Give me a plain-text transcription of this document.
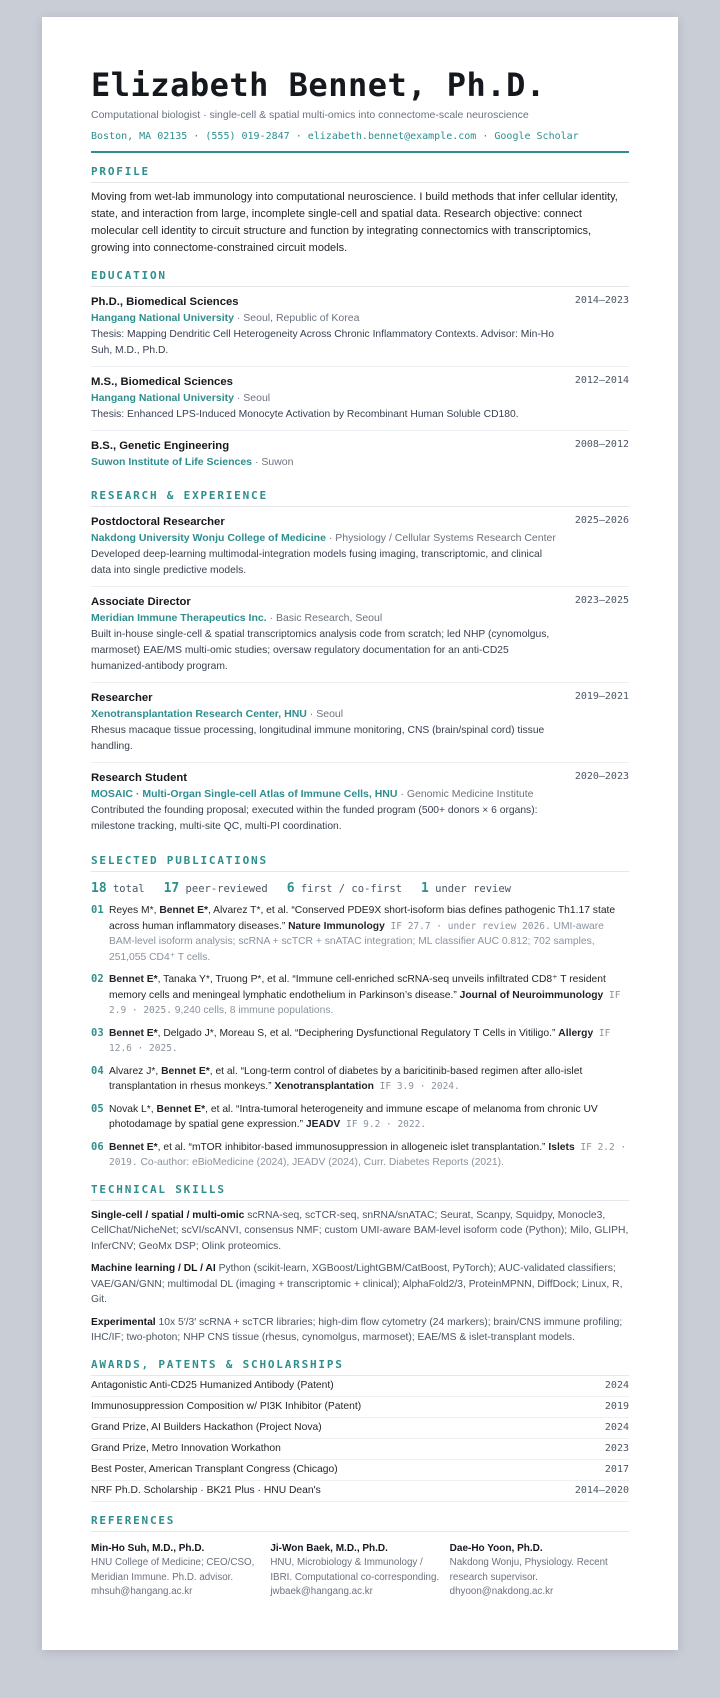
Elizabeth Bennet, Ph.D.
Computational biologist · single-cell & spatial multi-omics into connectome-scale neuroscience
Boston, MA 02135 · (555) 019-2847 · elizabeth.bennet@example.com · Google Scholar
PROFILE
Moving from wet-lab immunology into computational neuroscience. I build methods that infer cellular identity, state, and interaction from large, incomplete single-cell and spatial data. Research objective: connect molecular cell identity to circuit structure and function by integrating connectomics with transcriptomics, growing into connectome-constrained circuit models.
EDUCATION
Ph.D., Biomedical Sciences	2014–2023
Hangang National University · Seoul, Republic of Korea
Thesis: Mapping Dendritic Cell Heterogeneity Across Chronic Inflammatory Contexts. Advisor: Min-Ho Suh, M.D., Ph.D.
M.S., Biomedical Sciences	2012–2014
Hangang National University · Seoul
Thesis: Enhanced LPS-Induced Monocyte Activation by Recombinant Human Soluble CD180.
B.S., Genetic Engineering	2008–2012
Suwon Institute of Life Sciences · Suwon
RESEARCH & EXPERIENCE
Postdoctoral Researcher	2025–2026
Nakdong University Wonju College of Medicine · Physiology / Cellular Systems Research Center
Developed deep-learning multimodal-integration models fusing imaging, transcriptomic, and clinical data into single predictive models.
Associate Director	2023–2025
Meridian Immune Therapeutics Inc. · Basic Research, Seoul
Built in-house single-cell & spatial transcriptomics analysis code from scratch; led NHP (cynomolgus, marmoset) EAE/MS multi-omic studies; oversaw regulatory documentation for an anti-CD25 humanized-antibody program.
Researcher	2019–2021
Xenotransplantation Research Center, HNU · Seoul
Rhesus macaque tissue processing, longitudinal immune monitoring, CNS (brain/spinal cord) tissue handling.
Research Student	2020–2023
MOSAIC · Multi-Organ Single-cell Atlas of Immune Cells, HNU · Genomic Medicine Institute
Contributed the founding proposal; executed within the funded program (500+ donors × 6 organs): milestone tracking, multi-site QC, multi-PI coordination.
SELECTED PUBLICATIONS
18 total 17 peer-reviewed 6 first / co-first 1 under review
01 Reyes M*, Bennet E*, Alvarez T*, et al. “Conserved PDE9X short-isoform bias defines pathogenic Th1.17 state across human inflammatory diseases.” Nature Immunology IF 27.7 · under review 2026. UMI-aware BAM-level isoform analysis; scRNA + scTCR + snATAC integration; ML classifier AUC 0.812; 702 samples, 251,055 CD4⁺ T cells.
02 Bennet E*, Tanaka Y*, Truong P*, et al. “Immune cell-enriched scRNA-seq unveils infiltrated CD8⁺ T resident memory cells and meningeal lymphatic endothelium in Parkinson’s disease.” Journal of Neuroimmunology IF 2.9 · 2025. 9,240 cells, 8 immune populations.
03 Bennet E*, Delgado J*, Moreau S, et al. “Deciphering Dysfunctional Regulatory T Cells in Vitiligo.” Allergy IF 12.6 · 2025.
04 Alvarez J*, Bennet E*, et al. “Long-term control of diabetes by a baricitinib-based regimen after allo-islet transplantation in rhesus monkeys.” Xenotransplantation IF 3.9 · 2024.
05 Novak L*, Bennet E*, et al. “Intra-tumoral heterogeneity and immune escape of melanoma from chronic UV photodamage by spatial gene expression.” JEADV IF 9.2 · 2022.
06 Bennet E*, et al. “mTOR inhibitor-based immunosuppression in allogeneic islet transplantation.” Islets IF 2.2 · 2019. Co-author: eBioMedicine (2024), JEADV (2024), Curr. Diabetes Reports (2021).
TECHNICAL SKILLS
Single-cell / spatial / multi-omic scRNA-seq, scTCR-seq, snRNA/snATAC; Seurat, Scanpy, Squidpy, Monocle3, CellChat/NicheNet; scVI/scANVI, consensus NMF; custom UMI-aware BAM-level isoform code (Python); Milo, GLIPH, InferCNV; GeoMx DSP; Olink proteomics.
Machine learning / DL / AI Python (scikit-learn, XGBoost/LightGBM/CatBoost, PyTorch); AUC-validated classifiers; VAE/GAN/GNN; multimodal DL (imaging + transcriptomic + clinical); AlphaFold2/3, ProteinMPNN, DiffDock; Linux, R, Git.
Experimental 10x 5′/3′ scRNA + scTCR libraries; high-dim flow cytometry (24 markers); brain/CNS immune profiling; IHC/IF; two-photon; NHP CNS tissue (rhesus, cynomolgus, marmoset); EAE/MS & islet-transplant models.
AWARDS, PATENTS & SCHOLARSHIPS
Antagonistic Anti-CD25 Humanized Antibody (Patent)	2024
Immunosuppression Composition w/ PI3K Inhibitor (Patent)	2019
Grand Prize, AI Builders Hackathon (Project Nova)	2024
Grand Prize, Metro Innovation Workathon	2023
Best Poster, American Transplant Congress (Chicago)	2017
NRF Ph.D. Scholarship · BK21 Plus · HNU Dean's	2014–2020
REFERENCES
Min-Ho Suh, M.D., Ph.D.
HNU College of Medicine; CEO/CSO, Meridian Immune. Ph.D. advisor.
mhsuh@hangang.ac.kr
Ji-Won Baek, M.D., Ph.D.
HNU, Microbiology & Immunology / IBRI. Computational co-corresponding.
jwbaek@hangang.ac.kr
Dae-Ho Yoon, Ph.D.
Nakdong Wonju, Physiology. Recent research supervisor.
dhyoon@nakdong.ac.kr
